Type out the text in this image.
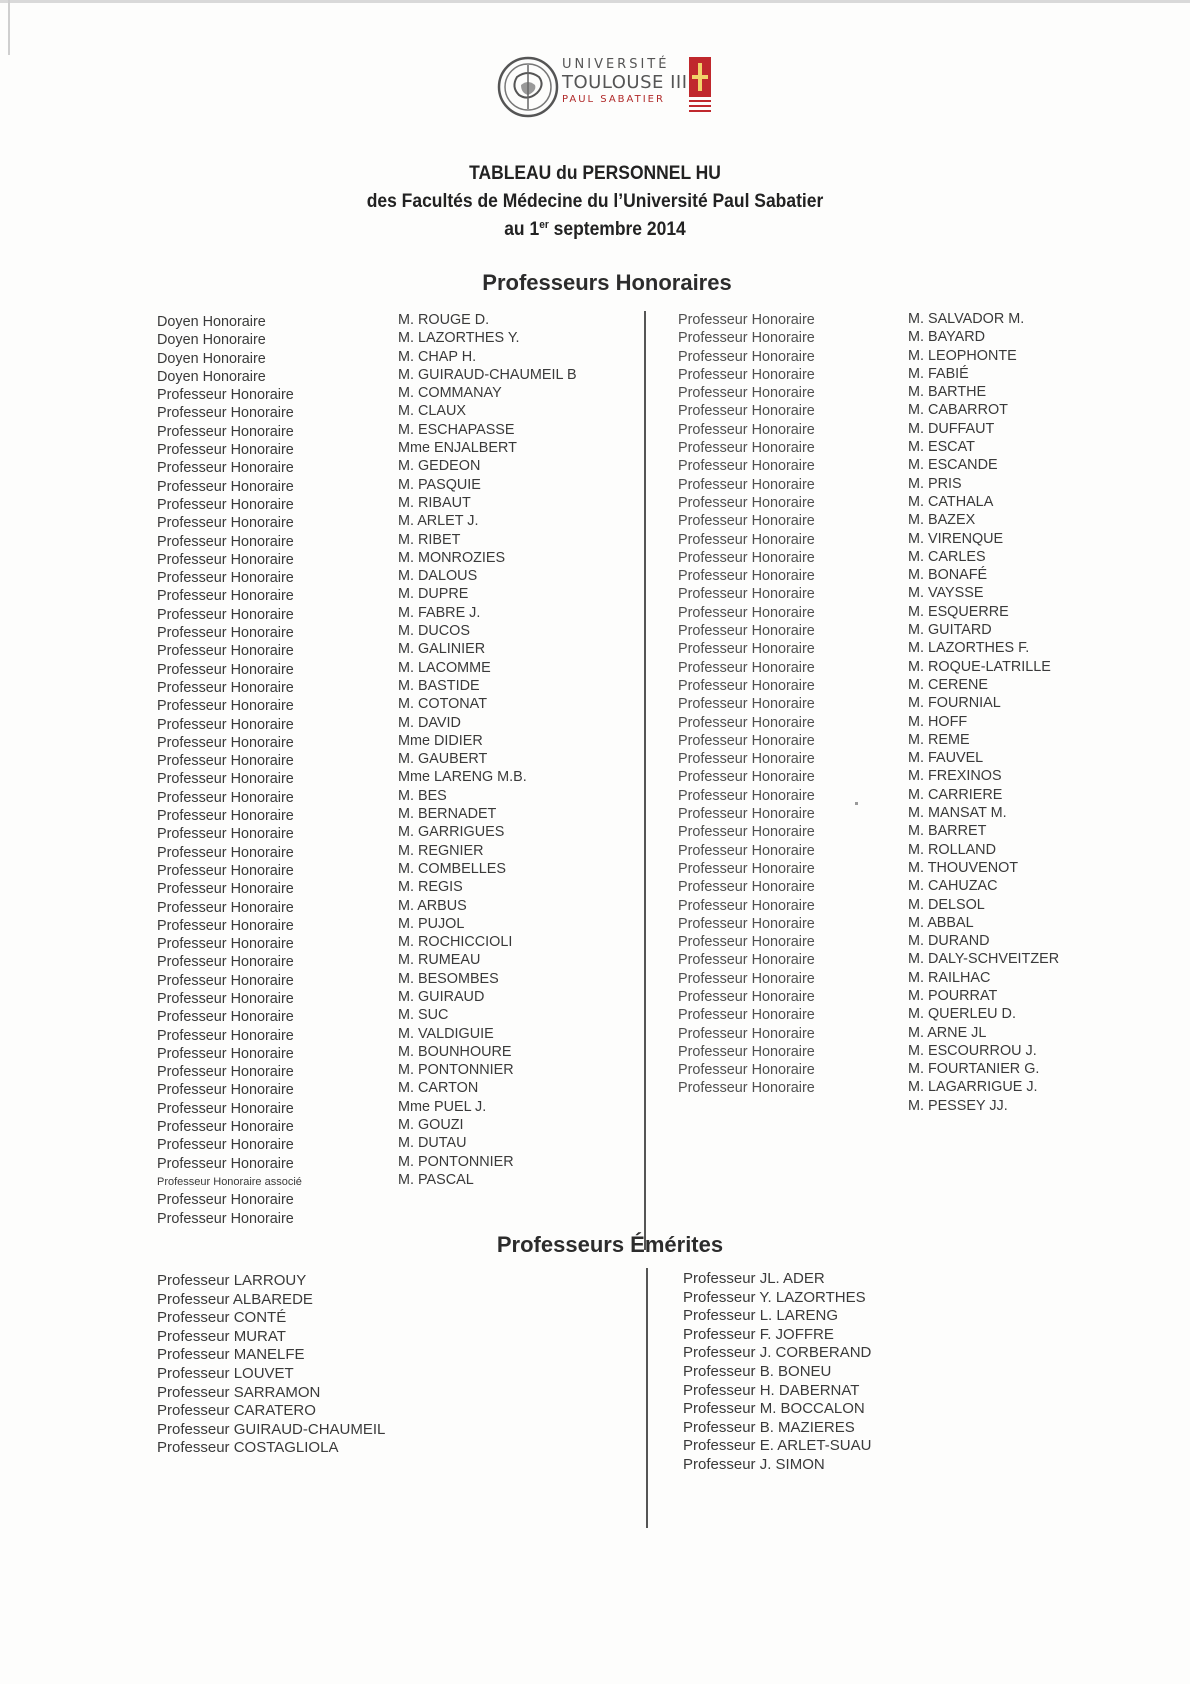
UNIVERSITÉ
TOULOUSE III
PAUL SABATIER
TABLEAU du PERSONNEL HU
des Facultés de Médecine du l’Université Paul Sabatier
au 1er septembre 2014
Professeurs Honoraires
Doyen Honoraire
Doyen Honoraire
Doyen Honoraire
Doyen Honoraire
Professeur Honoraire
Professeur Honoraire
Professeur Honoraire
Professeur Honoraire
Professeur Honoraire
Professeur Honoraire
Professeur Honoraire
Professeur Honoraire
Professeur Honoraire
Professeur Honoraire
Professeur Honoraire
Professeur Honoraire
Professeur Honoraire
Professeur Honoraire
Professeur Honoraire
Professeur Honoraire
Professeur Honoraire
Professeur Honoraire
Professeur Honoraire
Professeur Honoraire
Professeur Honoraire
Professeur Honoraire
Professeur Honoraire
Professeur Honoraire
Professeur Honoraire
Professeur Honoraire
Professeur Honoraire
Professeur Honoraire
Professeur Honoraire
Professeur Honoraire
Professeur Honoraire
Professeur Honoraire
Professeur Honoraire
Professeur Honoraire
Professeur Honoraire
Professeur Honoraire
Professeur Honoraire
Professeur Honoraire
Professeur Honoraire
Professeur Honoraire
Professeur Honoraire
Professeur Honoraire
Professeur Honoraire
Professeur Honoraire associé
Professeur Honoraire
Professeur Honoraire
M. ROUGE D.
M. LAZORTHES Y.
M. CHAP H.
M. GUIRAUD-CHAUMEIL B
M. COMMANAY
M. CLAUX
M. ESCHAPASSE
Mme ENJALBERT
M. GEDEON
M. PASQUIE
M. RIBAUT
M. ARLET J.
M. RIBET
M. MONROZIES
M. DALOUS
M. DUPRE
M. FABRE J.
M. DUCOS
M. GALINIER
M. LACOMME
M. BASTIDE
M. COTONAT
M. DAVID
Mme DIDIER
M. GAUBERT
Mme LARENG M.B.
M. BES
M. BERNADET
M. GARRIGUES
M. REGNIER
M. COMBELLES
M. REGIS
M. ARBUS
M. PUJOL
M. ROCHICCIOLI
M. RUMEAU
M. BESOMBES
M. GUIRAUD
M. SUC
M. VALDIGUIE
M. BOUNHOURE
M. PONTONNIER
M. CARTON
Mme PUEL J.
M. GOUZI
M. DUTAU
M. PONTONNIER
M. PASCAL
Professeur Honoraire
Professeur Honoraire
Professeur Honoraire
Professeur Honoraire
Professeur Honoraire
Professeur Honoraire
Professeur Honoraire
Professeur Honoraire
Professeur Honoraire
Professeur Honoraire
Professeur Honoraire
Professeur Honoraire
Professeur Honoraire
Professeur Honoraire
Professeur Honoraire
Professeur Honoraire
Professeur Honoraire
Professeur Honoraire
Professeur Honoraire
Professeur Honoraire
Professeur Honoraire
Professeur Honoraire
Professeur Honoraire
Professeur Honoraire
Professeur Honoraire
Professeur Honoraire
Professeur Honoraire
Professeur Honoraire
Professeur Honoraire
Professeur Honoraire
Professeur Honoraire
Professeur Honoraire
Professeur Honoraire
Professeur Honoraire
Professeur Honoraire
Professeur Honoraire
Professeur Honoraire
Professeur Honoraire
Professeur Honoraire
Professeur Honoraire
Professeur Honoraire
Professeur Honoraire
Professeur Honoraire
M. SALVADOR M.
M. BAYARD
M. LEOPHONTE
M. FABIÉ
M. BARTHE
M. CABARROT
M. DUFFAUT
M. ESCAT
M. ESCANDE
M. PRIS
M. CATHALA
M. BAZEX
M. VIRENQUE
M. CARLES
M. BONAFÉ
M. VAYSSE
M. ESQUERRE
M. GUITARD
M. LAZORTHES F.
M. ROQUE-LATRILLE
M. CERENE
M. FOURNIAL
M. HOFF
M. REME
M. FAUVEL
M. FREXINOS
M. CARRIERE
M. MANSAT M.
M. BARRET
M. ROLLAND
M. THOUVENOT
M. CAHUZAC
M. DELSOL
M. ABBAL
M. DURAND
M. DALY-SCHVEITZER
M. RAILHAC
M. POURRAT
M. QUERLEU D.
M. ARNE JL
M. ESCOURROU J.
M. FOURTANIER G.
M. LAGARRIGUE J.
M. PESSEY JJ.
Professeurs Émérites
Professeur LARROUY
Professeur ALBAREDE
Professeur CONTÉ
Professeur MURAT
Professeur MANELFE
Professeur LOUVET
Professeur SARRAMON
Professeur CARATERO
Professeur GUIRAUD-CHAUMEIL
Professeur COSTAGLIOLA
Professeur JL. ADER
Professeur Y. LAZORTHES
Professeur L. LARENG
Professeur F. JOFFRE
Professeur J. CORBERAND
Professeur B. BONEU
Professeur H. DABERNAT
Professeur M. BOCCALON
Professeur B. MAZIERES
Professeur E. ARLET-SUAU
Professeur J. SIMON
